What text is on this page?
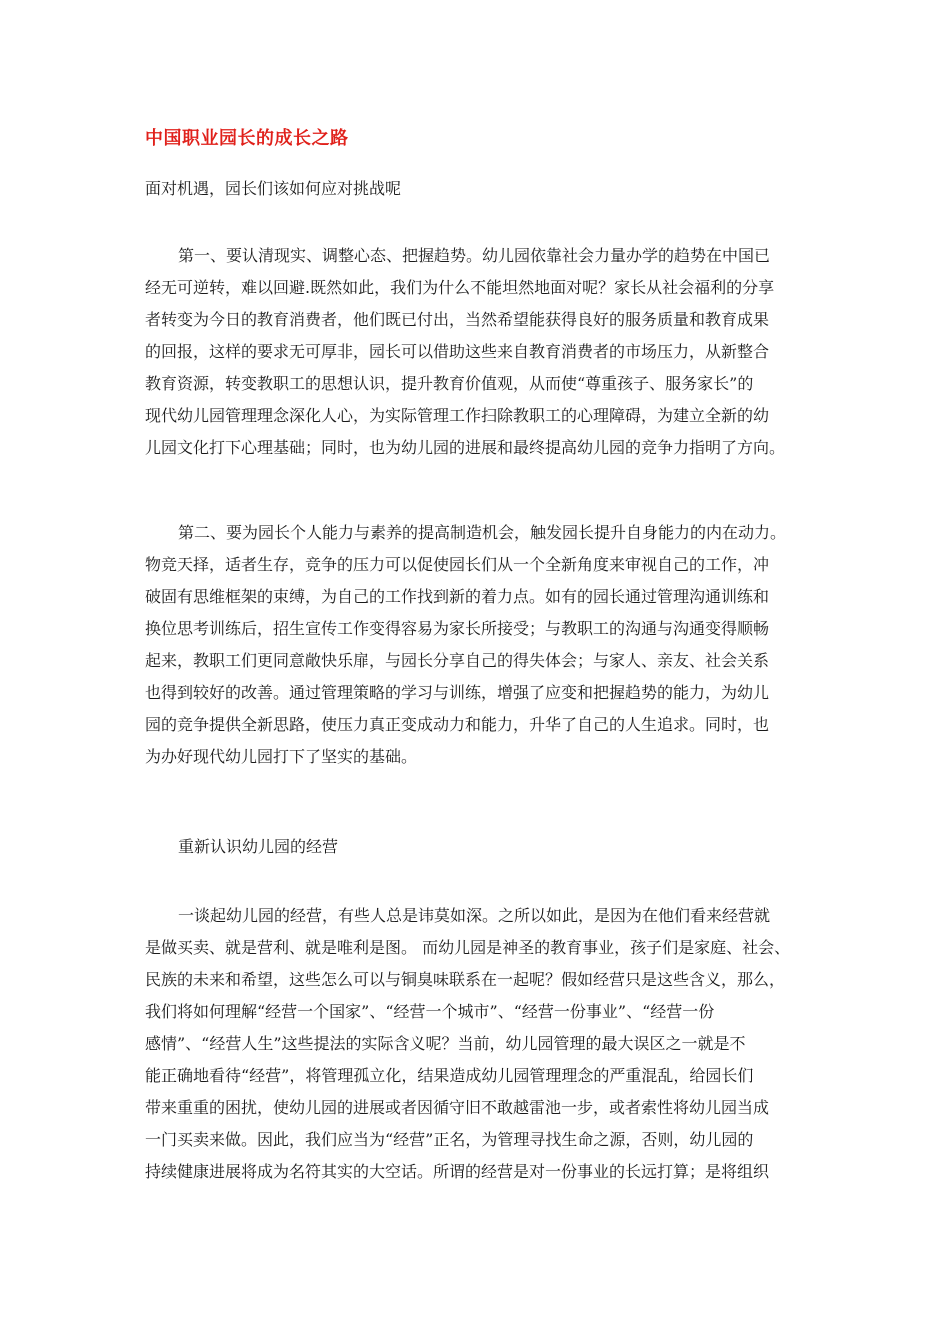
中国职业园长的成长之路
面对机遇，园长们该如何应对挑战呢
第一、要认清现实、调整心态、把握趋势。幼儿园依靠社会力量办学的趋势在中国已
经无可逆转，难以回避.既然如此，我们为什么不能坦然地面对呢？家长从社会福利的分享
者转变为今日的教育消费者，他们既已付出，当然希望能获得良好的服务质量和教育成果
的回报，这样的要求无可厚非，园长可以借助这些来自教育消费者的市场压力，从新整合
教育资源，转变教职工的思想认识，提升教育价值观，从而使“尊重孩子、服务家长”的
现代幼儿园管理理念深化人心，为实际管理工作扫除教职工的心理障碍，为建立全新的幼
儿园文化打下心理基础；同时，也为幼儿园的进展和最终提高幼儿园的竞争力指明了方向。
第二、要为园长个人能力与素养的提高制造机会，触发园长提升自身能力的内在动力。
物竞天择，适者生存，竞争的压力可以促使园长们从一个全新角度来审视自己的工作，冲
破固有思维框架的束缚，为自己的工作找到新的着力点。如有的园长通过管理沟通训练和
换位思考训练后，招生宣传工作变得容易为家长所接受；与教职工的沟通与沟通变得顺畅
起来，教职工们更同意敞快乐扉，与园长分享自己的得失体会；与家人、亲友、社会关系
也得到较好的改善。通过管理策略的学习与训练，增强了应变和把握趋势的能力，为幼儿
园的竞争提供全新思路，使压力真正变成动力和能力，升华了自己的人生追求。同时，也
为办好现代幼儿园打下了坚实的基础。
重新认识幼儿园的经营
一谈起幼儿园的经营，有些人总是讳莫如深。之所以如此，是因为在他们看来经营就
是做买卖、就是营利、就是唯利是图。 而幼儿园是神圣的教育事业，孩子们是家庭、社会、
民族的未来和希望，这些怎么可以与铜臭味联系在一起呢？假如经营只是这些含义，那么，
我们将如何理解“经营一个国家”、“经营一个城市”、“经营一份事业”、“经营一份
感情”、“经营人生”这些提法的实际含义呢？当前，幼儿园管理的最大误区之一就是不
能正确地看待“经营”，将管理孤立化，结果造成幼儿园管理理念的严重混乱，给园长们
带来重重的困扰，使幼儿园的进展或者因循守旧不敢越雷池一步，或者索性将幼儿园当成
一门买卖来做。因此，我们应当为“经营”正名，为管理寻找生命之源，否则，幼儿园的
持续健康进展将成为名符其实的大空话。所谓的经营是对一份事业的长远打算；是将组织
